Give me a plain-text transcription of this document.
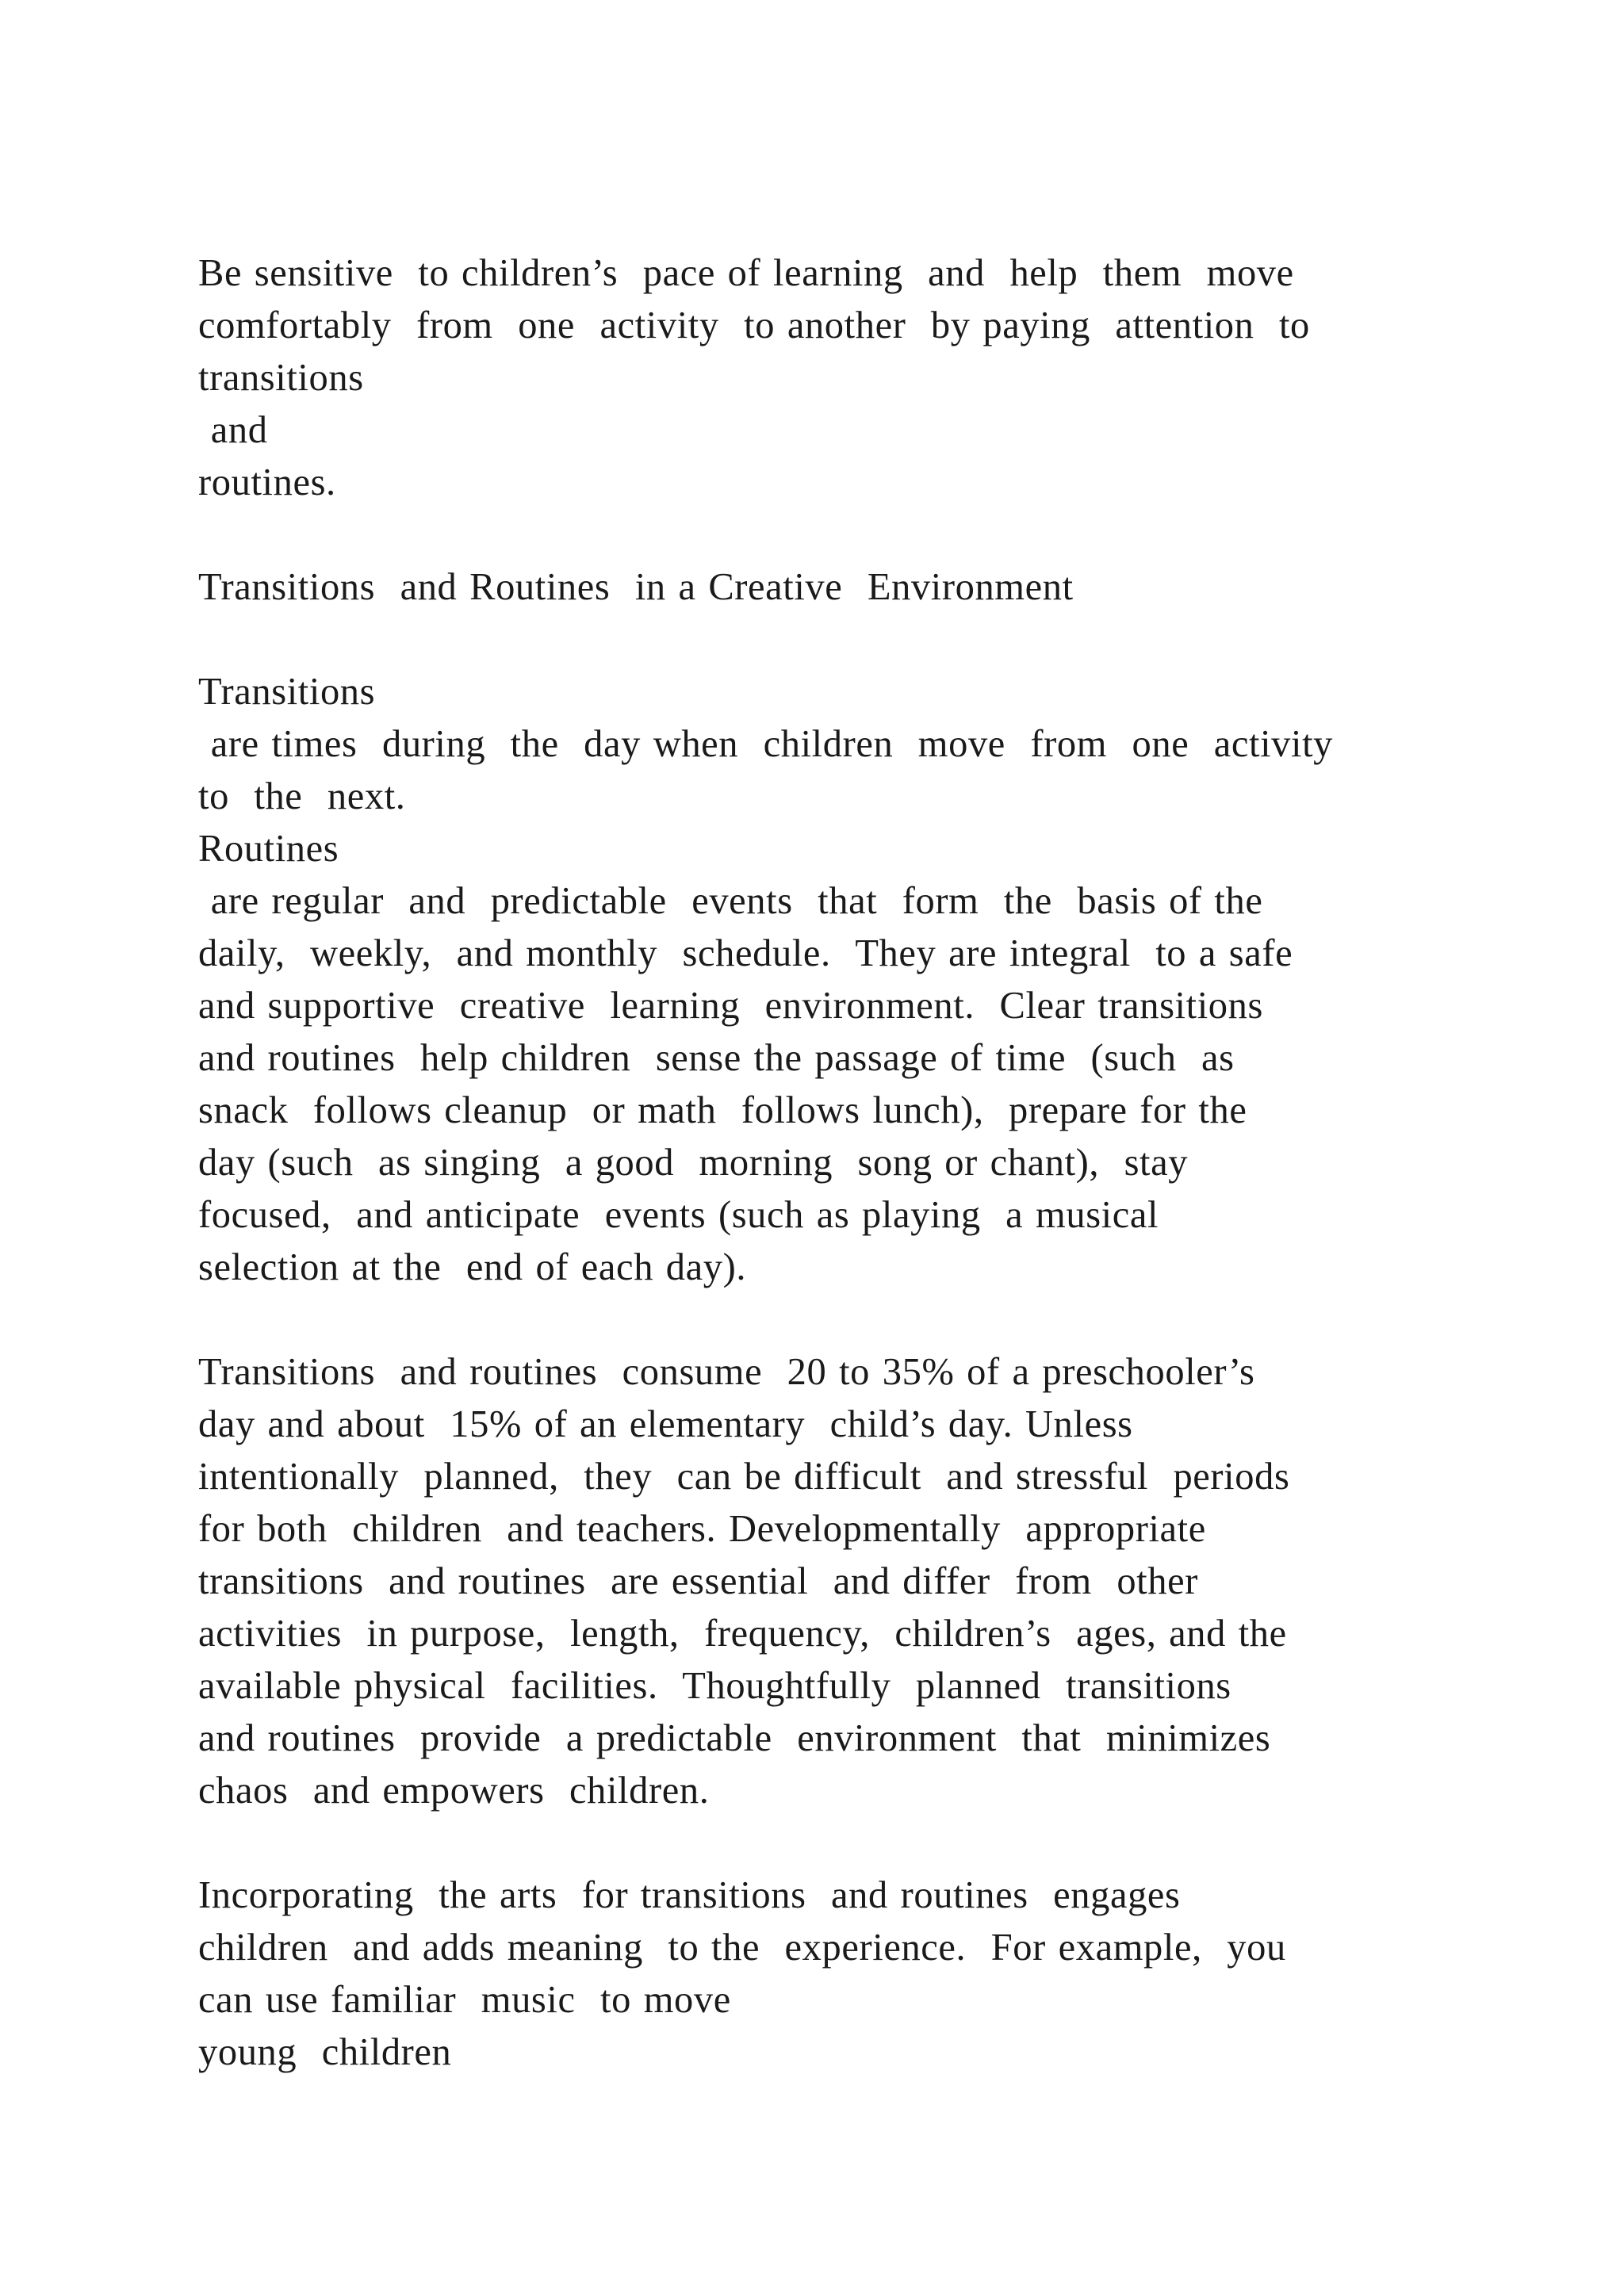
Be sensitive  to children’s  pace of learning  and  help  them  move
comfortably  from  one  activity  to another  by paying  attention  to
transitions
and
routines.
Transitions  and Routines  in a Creative  Environment
Transitions
are times  during  the  day when  children  move  from  one  activity
to  the  next.
Routines
are regular  and  predictable  events  that  form  the  basis of the
daily,  weekly,  and monthly  schedule.  They are integral  to a safe
and supportive  creative  learning  environment.  Clear transitions
and routines  help children  sense the passage of time  (such  as
snack  follows cleanup  or math  follows lunch),  prepare for the
day (such  as singing  a good  morning  song or chant),  stay
focused,  and anticipate  events (such as playing  a musical
selection at the  end of each day).
Transitions  and routines  consume  20 to 35% of a preschooler’s
day and about  15% of an elementary  child’s day. Unless
intentionally  planned,  they  can be difficult  and stressful  periods
for both  children  and teachers. Developmentally  appropriate
transitions  and routines  are essential  and differ  from  other
activities  in purpose,  length,  frequency,  children’s  ages, and the
available physical  facilities.  Thoughtfully  planned  transitions
and routines  provide  a predictable  environment  that  minimizes
chaos  and empowers  children.
Incorporating  the arts  for transitions  and routines  engages
children  and adds meaning  to the  experience.  For example,  you
can use familiar  music  to move
young  children
